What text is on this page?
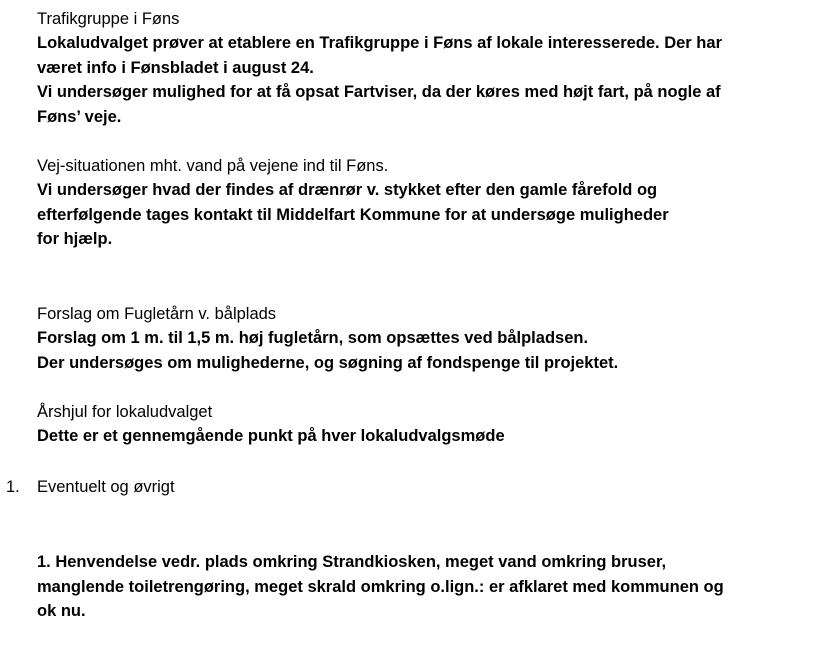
Trafikgruppe i Føns
Lokaludvalget prøver at etablere en Trafikgruppe i Føns af lokale interesserede. Der har
været info i Fønsbladet i august 24.
Vi undersøger mulighed for at få opsat Fartviser, da der køres med højt fart, på nogle af
Føns’ veje.
Vej-situationen mht. vand på vejene ind til Føns.
Vi undersøger hvad der findes af drænrør v. stykket efter den gamle fårefold og
efterfølgende tages kontakt til Middelfart Kommune for at undersøge muligheder
for hjælp.
Forslag om Fugletårn v. bålplads
Forslag om 1 m. til 1,5 m. høj fugletårn, som opsættes ved bålpladsen.
Der undersøges om mulighederne, og søgning af fondspenge til projektet.
Årshjul for lokaludvalget
Dette er et gennemgående punkt på hver lokaludvalgsmøde
1. Eventuelt og øvrigt
1. Henvendelse vedr. plads omkring Strandkiosken, meget vand omkring bruser,
manglende toiletrengøring, meget skrald omkring o.lign.: er afklaret med kommunen og
ok nu.
